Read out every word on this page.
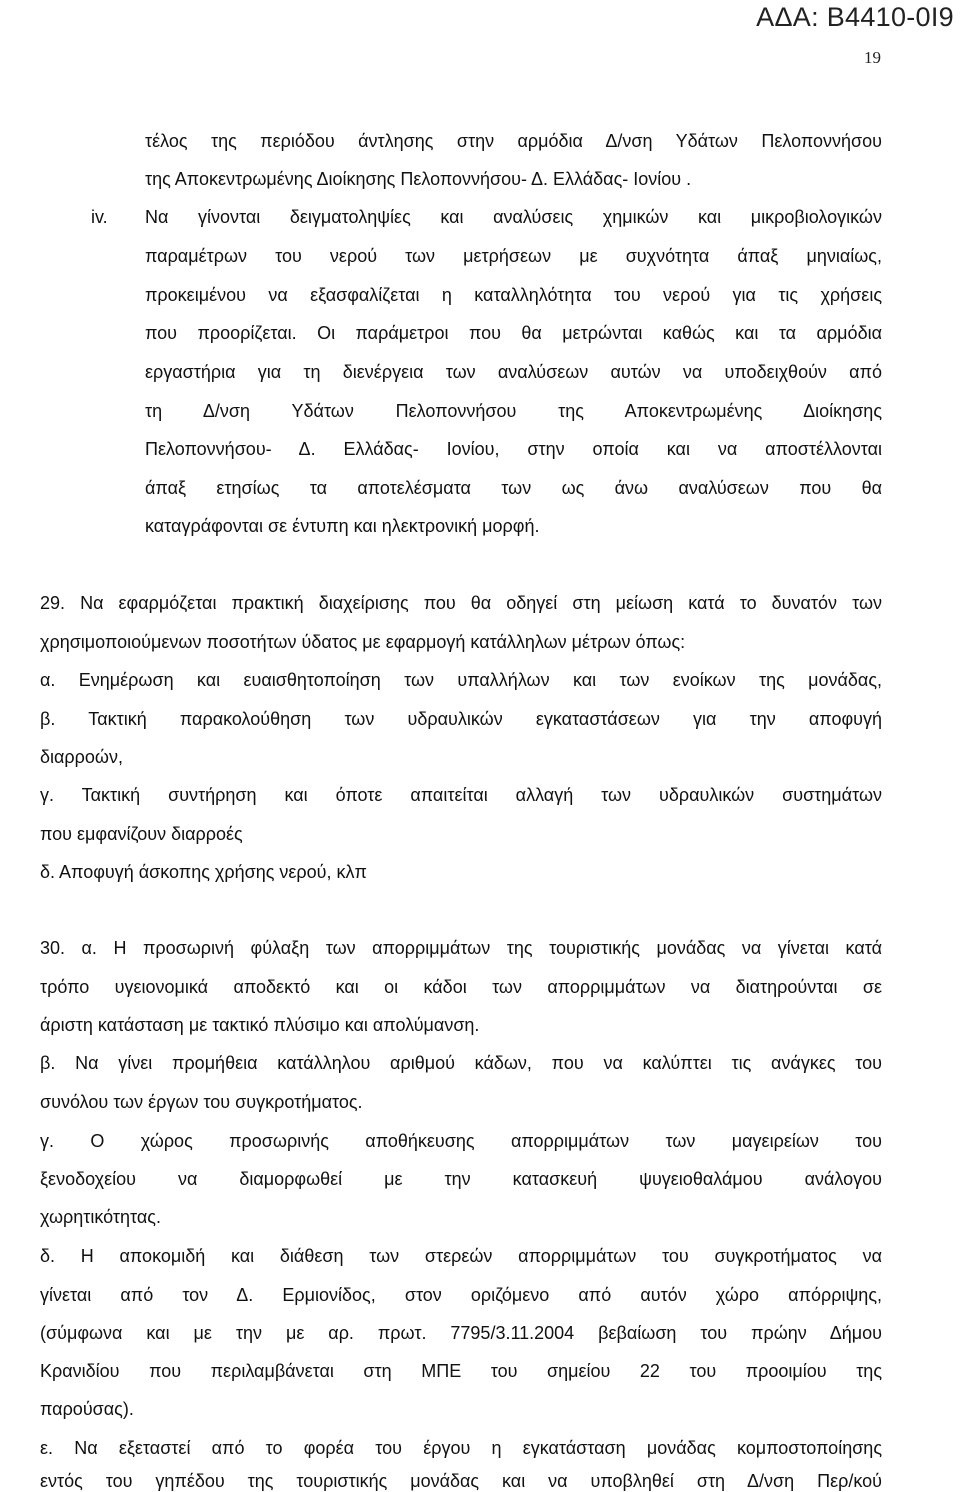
ΑΔΑ: Β4410-0Ι9
19

τέλος της περιόδου άντλησης στην αρμόδια Δ/νση Υδάτων Πελοποννήσου

της Αποκεντρωμένης Διοίκησης Πελοποννήσου- Δ. Ελλάδας- Ιονίου .

iv. Να γίνονται δειγματοληψίες και αναλύσεις χημικών και μικροβιολογικών

παραμέτρων του νερού των μετρήσεων με συχνότητα άπαξ μηνιαίως,

προκειμένου να εξασφαλίζεται η καταλληλότητα του νερού για τις χρήσεις

που προορίζεται. Οι παράμετροι που θα μετρώνται καθώς και τα αρμόδια

εργαστήρια για τη διενέργεια των αναλύσεων αυτών να υποδειχθούν από

τη Δ/νση Υδάτων Πελοποννήσου της Αποκεντρωμένης Διοίκησης

Πελοποννήσου- Δ. Ελλάδας- Ιονίου, στην οποία και να αποστέλλονται

άπαξ ετησίως τα αποτελέσματα των ως άνω αναλύσεων που θα

καταγράφονται σε έντυπη και ηλεκτρονική μορφή.

29. Να εφαρμόζεται πρακτική διαχείρισης που θα οδηγεί στη μείωση κατά το δυνατόν των

χρησιμοποιούμενων ποσοτήτων ύδατος με εφαρμογή κατάλληλων μέτρων όπως:

α. Ενημέρωση και ευαισθητοποίηση των υπαλλήλων και των ενοίκων της μονάδας,

β. Τακτική παρακολούθηση των υδραυλικών εγκαταστάσεων για την αποφυγή

διαρροών,

γ. Τακτική συντήρηση και όποτε απαιτείται αλλαγή των υδραυλικών συστημάτων

που εμφανίζουν διαρροές

δ. Αποφυγή άσκοπης χρήσης νερού, κλπ

30. α. Η προσωρινή φύλαξη των απορριμμάτων της τουριστικής μονάδας να γίνεται κατά

τρόπο υγειονομικά αποδεκτό και οι κάδοι των απορριμμάτων να διατηρούνται σε

άριστη κατάσταση με τακτικό πλύσιμο και απολύμανση.

β. Να γίνει προμήθεια κατάλληλου αριθμού κάδων, που να καλύπτει τις ανάγκες του

συνόλου των έργων του συγκροτήματος.

γ. Ο χώρος προσωρινής αποθήκευσης απορριμμάτων των μαγειρείων του

ξενοδοχείου να διαμορφωθεί με την κατασκευή ψυγειοθαλάμου ανάλογου

χωρητικότητας.

δ. Η αποκομιδή και διάθεση των στερεών απορριμμάτων του συγκροτήματος να

γίνεται από τον Δ. Ερμιονίδος, στον οριζόμενο από αυτόν χώρο απόρριψης,

(σύμφωνα και με την με αρ. πρωτ. 7795/3.11.2004 βεβαίωση του πρώην Δήμου

Κρανιδίου που περιλαμβάνεται στη ΜΠΕ του σημείου 22 του προοιμίου της

παρούσας).

ε. Να εξεταστεί από το φορέα του έργου η εγκατάσταση μονάδας κομποστοποίησης

εντός του γηπέδου της τουριστικής μονάδας και να υποβληθεί στη Δ/νση Περ/κού
